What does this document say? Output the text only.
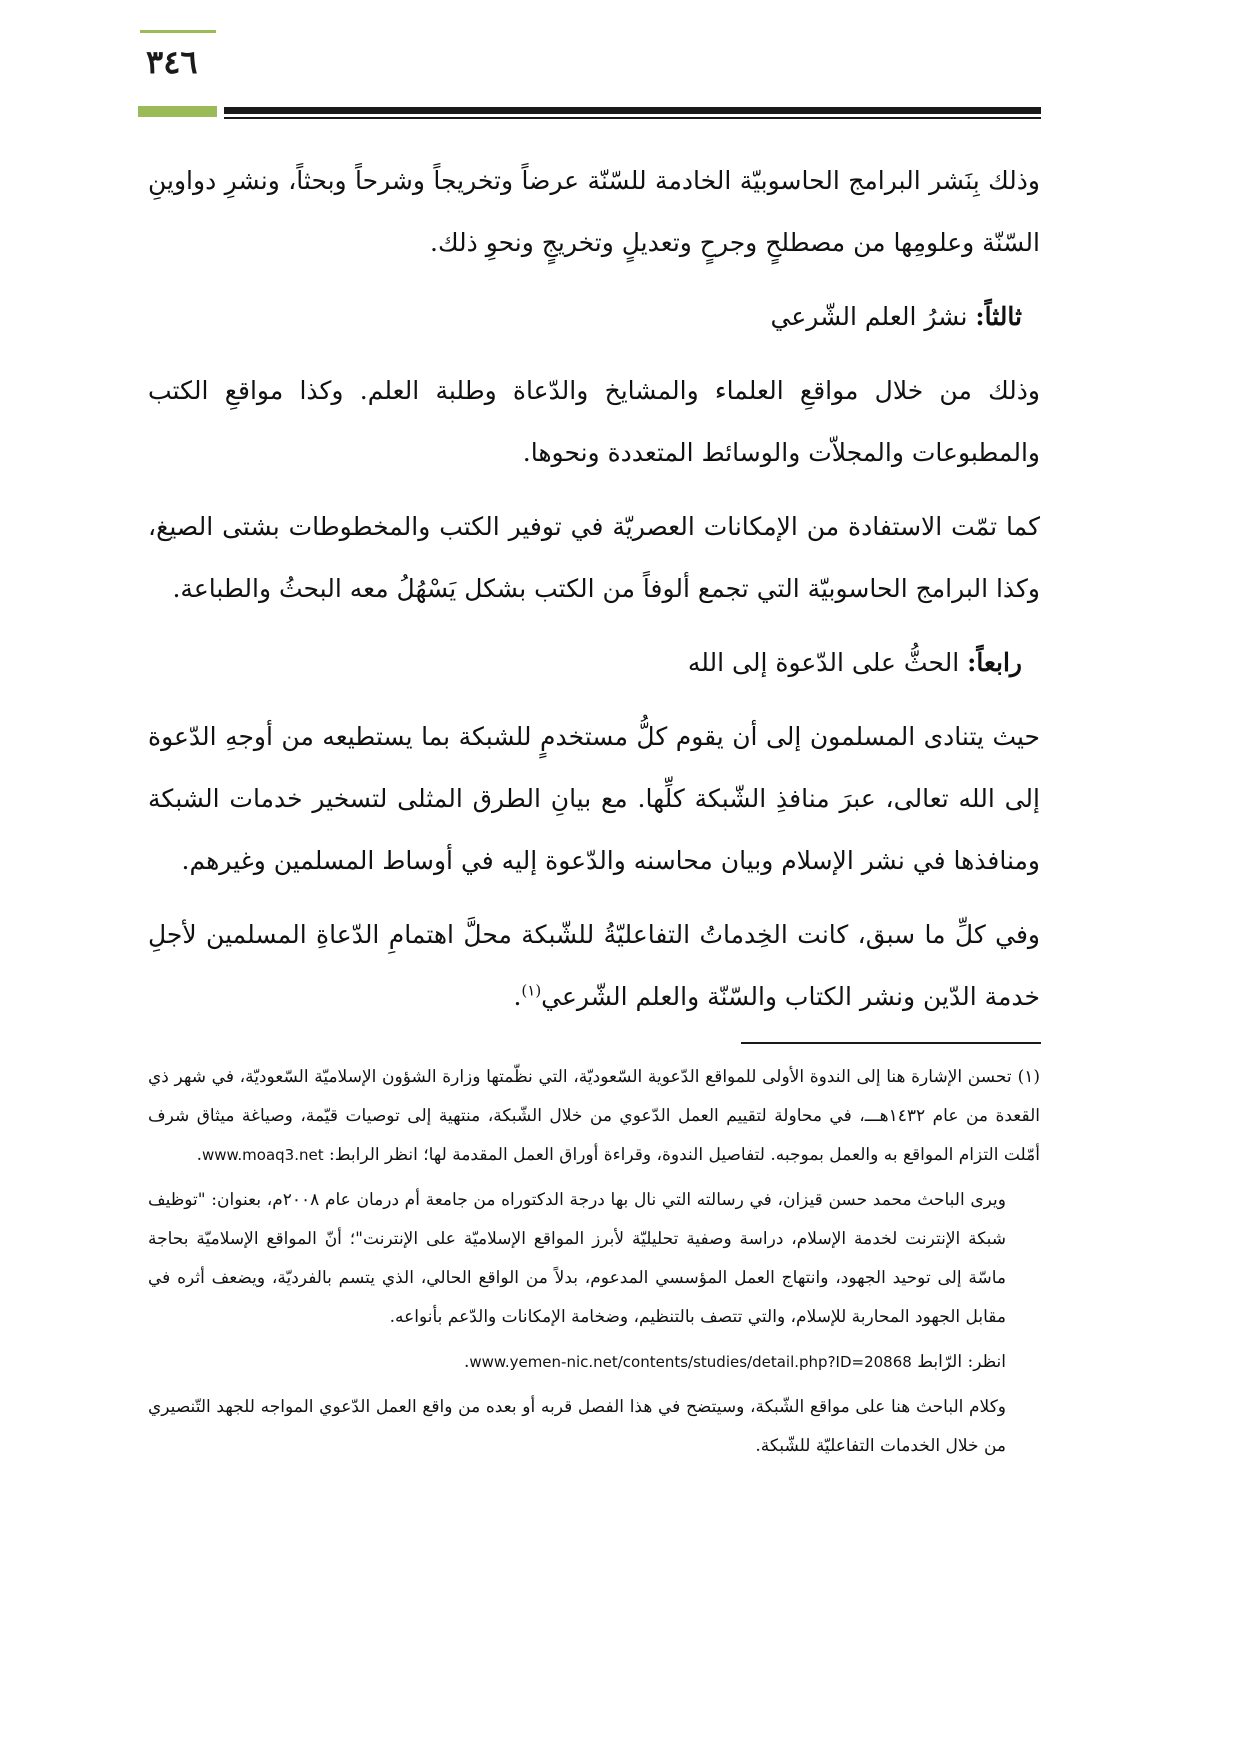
٣٤٦

وذلك بِنَشر البرامج الحاسوبيّة الخادمة للسّنّة عرضاً وتخريجاً وشرحاً وبحثاً، ونشرِ دواوينِ السّنّة وعلومِها من مصطلحٍ وجرحٍ وتعديلٍ وتخريجٍ ونحوِ ذلك.

ثالثاً: نشرُ العلم الشّرعي

وذلك من خلال مواقعِ العلماء والمشايخ والدّعاة وطلبة العلم. وكذا مواقعِ الكتب والمطبوعات والمجلاّت والوسائط المتعددة ونحوها.

كما تمّت الاستفادة من الإمكانات العصريّة في توفير الكتب والمخطوطات بشتى الصيغ، وكذا البرامج الحاسوبيّة التي تجمع ألوفاً من الكتب بشكل يَسْهُلُ معه البحثُ والطباعة.

رابعاً: الحثُّ على الدّعوة إلى الله

حيث يتنادى المسلمون إلى أن يقوم كلُّ مستخدمٍ للشبكة بما يستطيعه من أوجهِ الدّعوة إلى الله تعالى، عبرَ منافذِ الشّبكة كلِّها. مع بيانِ الطرق المثلى لتسخير خدمات الشبكة ومنافذها في نشر الإسلام وبيان محاسنه والدّعوة إليه في أوساط المسلمين وغيرهم.

وفي كلِّ ما سبق، كانت الخِدماتُ التفاعليّةُ للشّبكة محلَّ اهتمامِ الدّعاةِ المسلمين لأجلِ خدمة الدّين ونشر الكتاب والسّنّة والعلم الشّرعي$^{(١)}$.

(١)تحسن الإشارة هنا إلى الندوة الأولى للمواقع الدّعوية السّعوديّة، التي نظّمتها وزارة الشؤون الإسلاميّة السّعوديّة، في شهر ذي القعدة من عام ١٤٣٢هـــ، في محاولة لتقييم العمل الدّعوي من خلال الشّبكة، منتهية إلى توصيات قيّمة، وصياغة ميثاق شرف أمّلت التزام المواقع به والعمل بموجبه. لتفاصيل الندوة، وقراءة أوراق العمل المقدمة لها؛ انظر الرابط: www.moaq3.net.

ويرى الباحث محمد حسن قيزان، في رسالته التي نال بها درجة الدكتوراه من جامعة أم درمان عام ٢٠٠٨م، بعنوان: "توظيف شبكة الإنترنت لخدمة الإسلام، دراسة وصفية تحليليّة لأبرز المواقع الإسلاميّة على الإنترنت"؛ أنّ المواقع الإسلاميّة بحاجة ماسّة إلى توحيد الجهود، وانتهاج العمل المؤسسي المدعوم، بدلاً من الواقع الحالي، الذي يتسم بالفرديّة، ويضعف أثره في مقابل الجهود المحاربة للإسلام، والتي تتصف بالتنظيم، وضخامة الإمكانات والدّعم بأنواعه.

انظر: الرّابط www.yemen-nic.net/contents/studies/detail.php?ID=20868.

وكلام الباحث هنا على مواقع الشّبكة، وسيتضح في هذا الفصل قربه أو بعده من واقع العمل الدّعوي المواجه للجهد التّنصيري من خلال الخدمات التفاعليّة للشّبكة.
